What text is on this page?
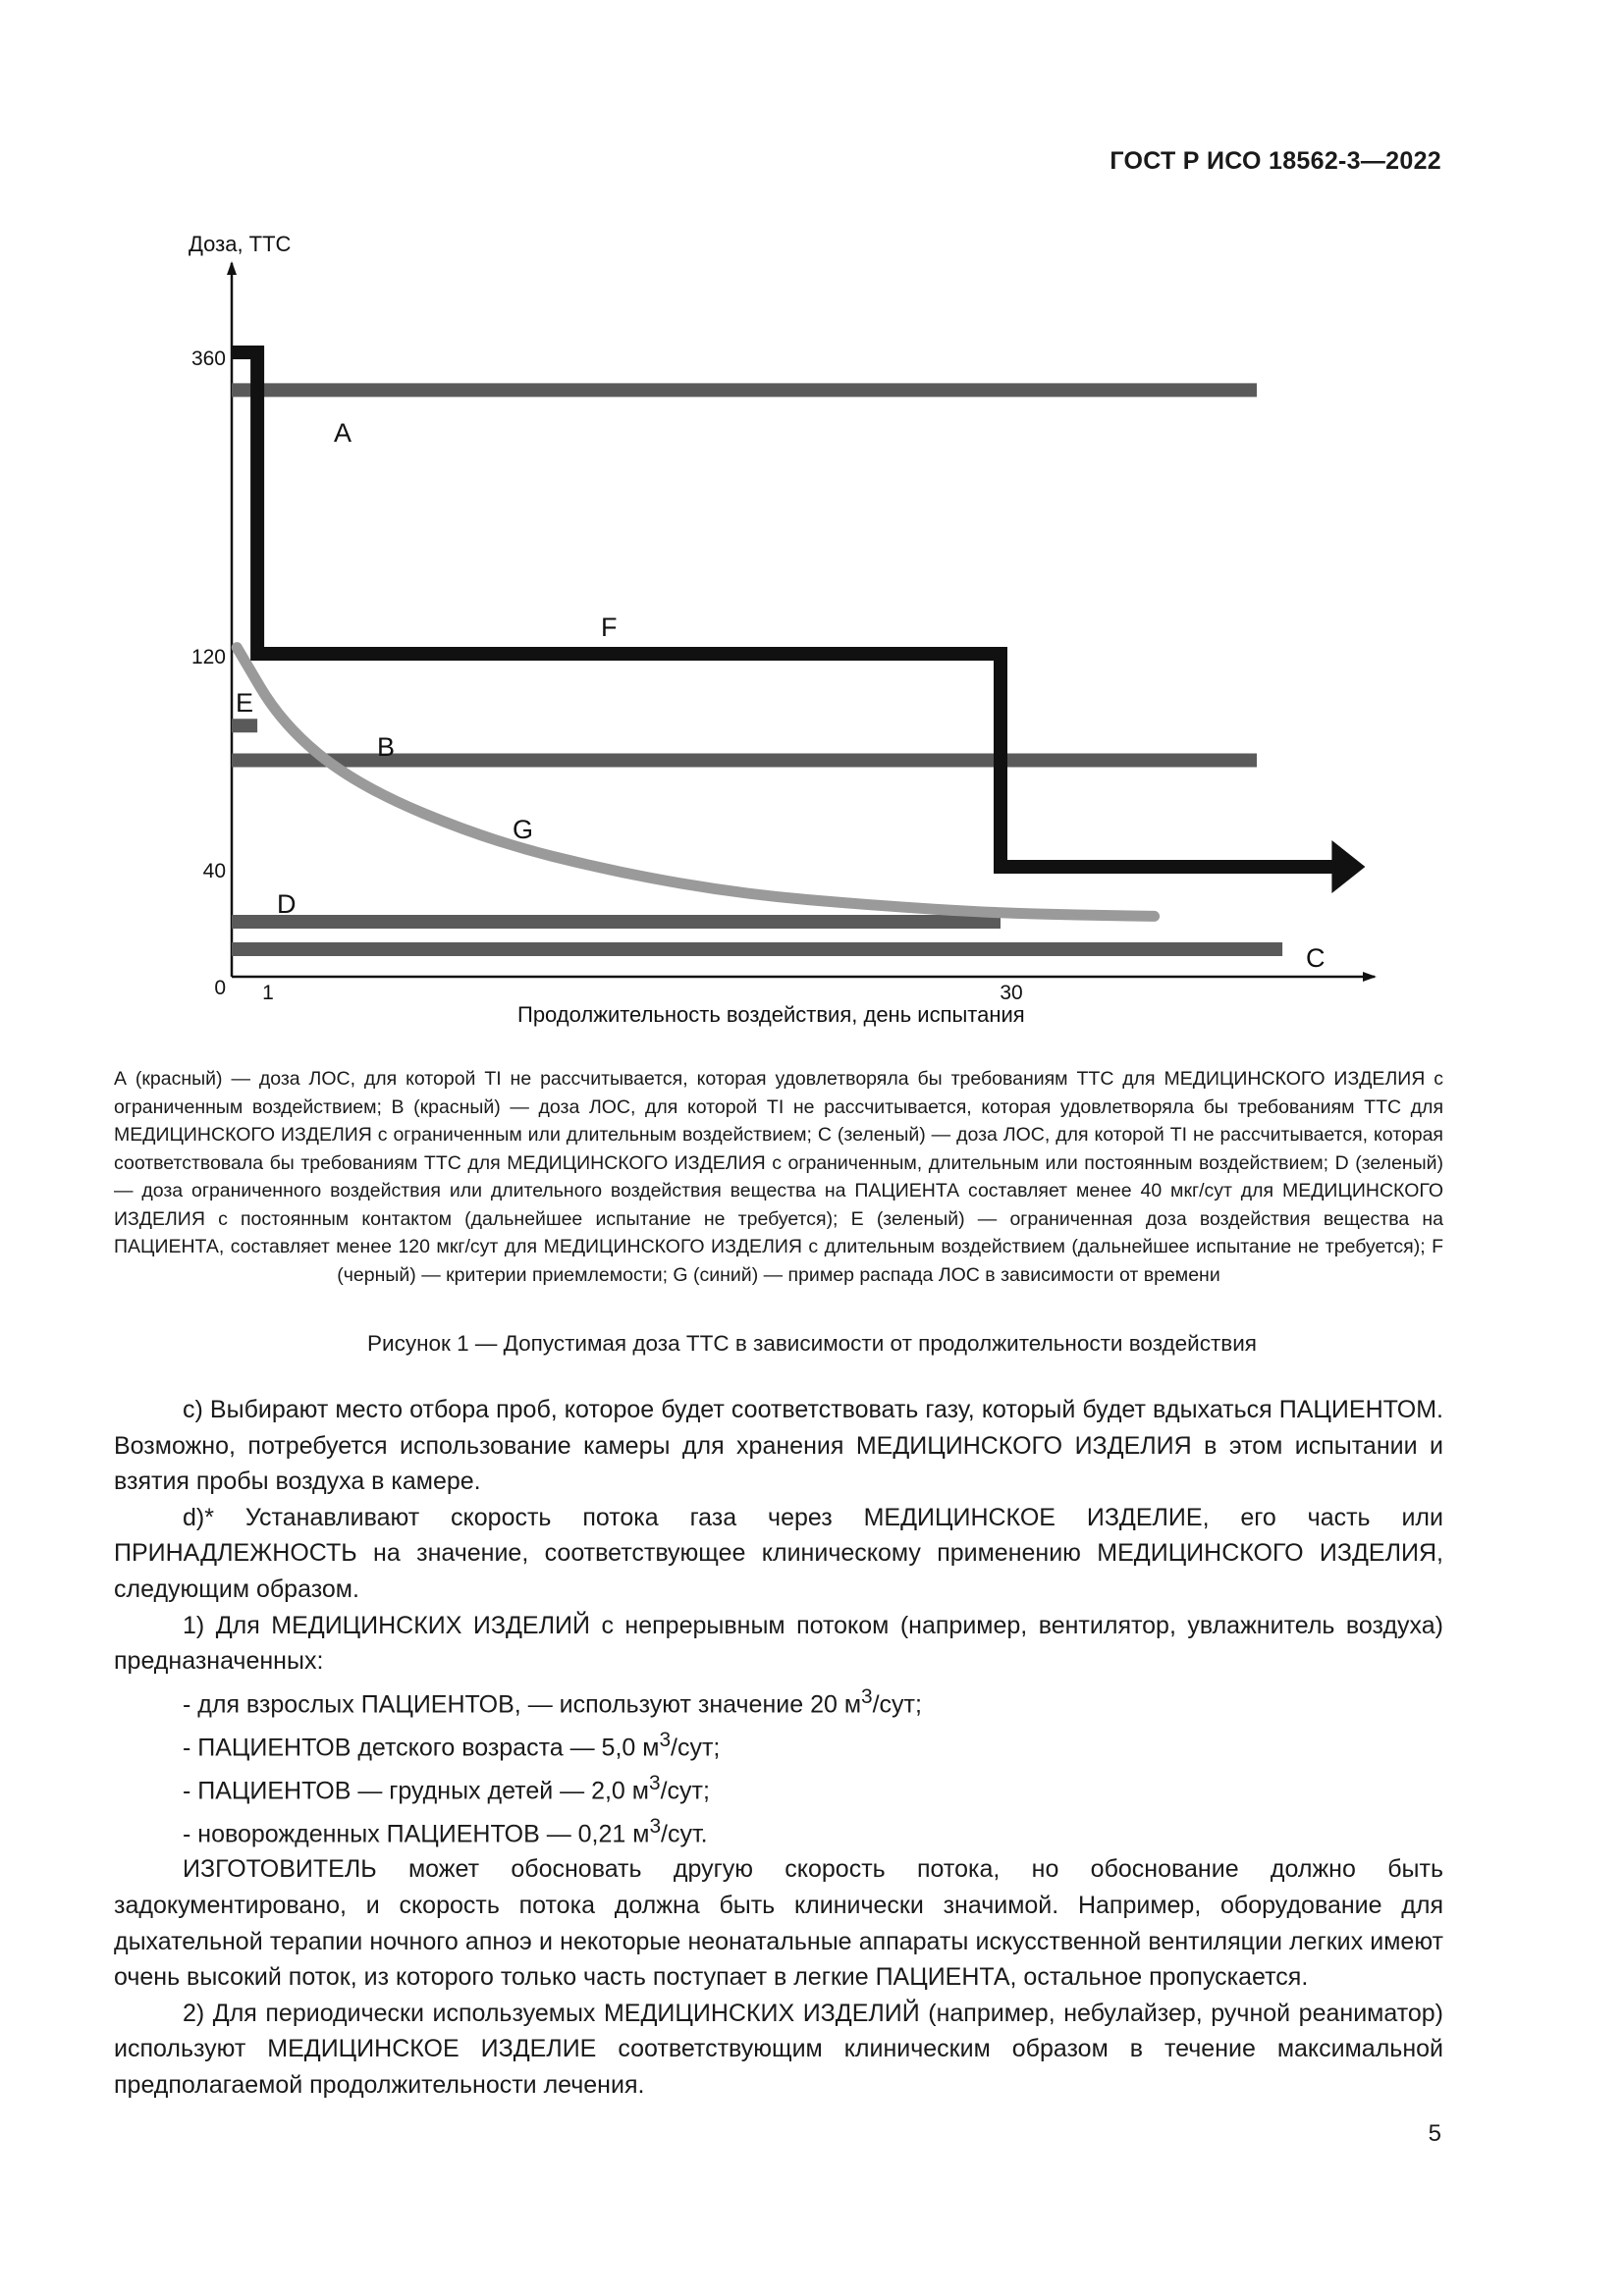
ГОСТ Р ИСО 18562-3—2022
Доза, ТТС
Продолжительность воздействия, день испытания
360
120
40
0 1	30
A
B
C
D
E
F
G
А (красный) — доза ЛОС, для которой TI не рассчитывается, которая удовлетворяла бы требованиям ТТС для МЕДИЦИНСКОГО ИЗДЕЛИЯ с ограниченным воздействием; В (красный) — доза ЛОС, для которой TI не рассчитывается, которая удовлетворяла бы требованиям ТТС для МЕДИЦИНСКОГО ИЗДЕЛИЯ с ограниченным или длительным воздействием; С (зеленый) — доза ЛОС, для которой TI не рассчитывается, которая соответствовала бы требованиям ТТС для МЕДИЦИНСКОГО ИЗДЕЛИЯ с ограниченным, длительным или постоянным воздействием; D (зеленый) — доза ограниченного воздействия или длительного воздействия вещества на ПАЦИЕНТА составляет менее 40 мкг/сут для МЕДИЦИНСКОГО ИЗДЕЛИЯ с постоянным контактом (дальнейшее испытание не требуется); Е (зеленый) — ограниченная доза воздействия вещества на ПАЦИЕНТА, составляет менее 120 мкг/сут для МЕДИЦИНСКОГО ИЗДЕЛИЯ с длительным воздействием (дальнейшее испытание не требуется); F (черный) — критерии приемлемости; G (синий) — пример распада ЛОС в зависимости от времени
Рисунок 1 — Допустимая доза ТТС в зависимости от продолжительности воздействия

с) Выбирают место отбора проб, которое будет соответствовать газу, который будет вдыхаться ПАЦИЕНТОМ. Возможно, потребуется использование камеры для хранения МЕДИЦИНСКОГО ИЗДЕЛИЯ в этом испытании и взятия пробы воздуха в камере.

d)* Устанавливают скорость потока газа через МЕДИЦИНСКОЕ ИЗДЕЛИЕ, его часть или ПРИНАДЛЕЖНОСТЬ на значение, соответствующее клиническому применению МЕДИЦИНСКОГО ИЗДЕЛИЯ, следующим образом.

1) Для МЕДИЦИНСКИХ ИЗДЕЛИЙ с непрерывным потоком (например, вентилятор, увлажнитель воздуха) предназначенных:

- для взрослых ПАЦИЕНТОВ, — используют значение 20 $м^3$/сут;
- ПАЦИЕНТОВ детского возраста — 5,0 $м^3$/сут;
- ПАЦИЕНТОВ — грудных детей — 2,0 $м^3$/сут;
- новорожденных ПАЦИЕНТОВ — 0,21 $м^3$/сут.

ИЗГОТОВИТЕЛЬ может обосновать другую скорость потока, но обоснование должно быть задокументировано, и скорость потока должна быть клинически значимой. Например, оборудование для дыхательной терапии ночного апноэ и некоторые неонатальные аппараты искусственной вентиляции легких имеют очень высокий поток, из которого только часть поступает в легкие ПАЦИЕНТА, остальное пропускается.

2) Для периодически используемых МЕДИЦИНСКИХ ИЗДЕЛИЙ (например, небулайзер, ручной реаниматор) используют МЕДИЦИНСКОЕ ИЗДЕЛИЕ соответствующим клиническим образом в течение максимальной предполагаемой продолжительности лечения.

5
